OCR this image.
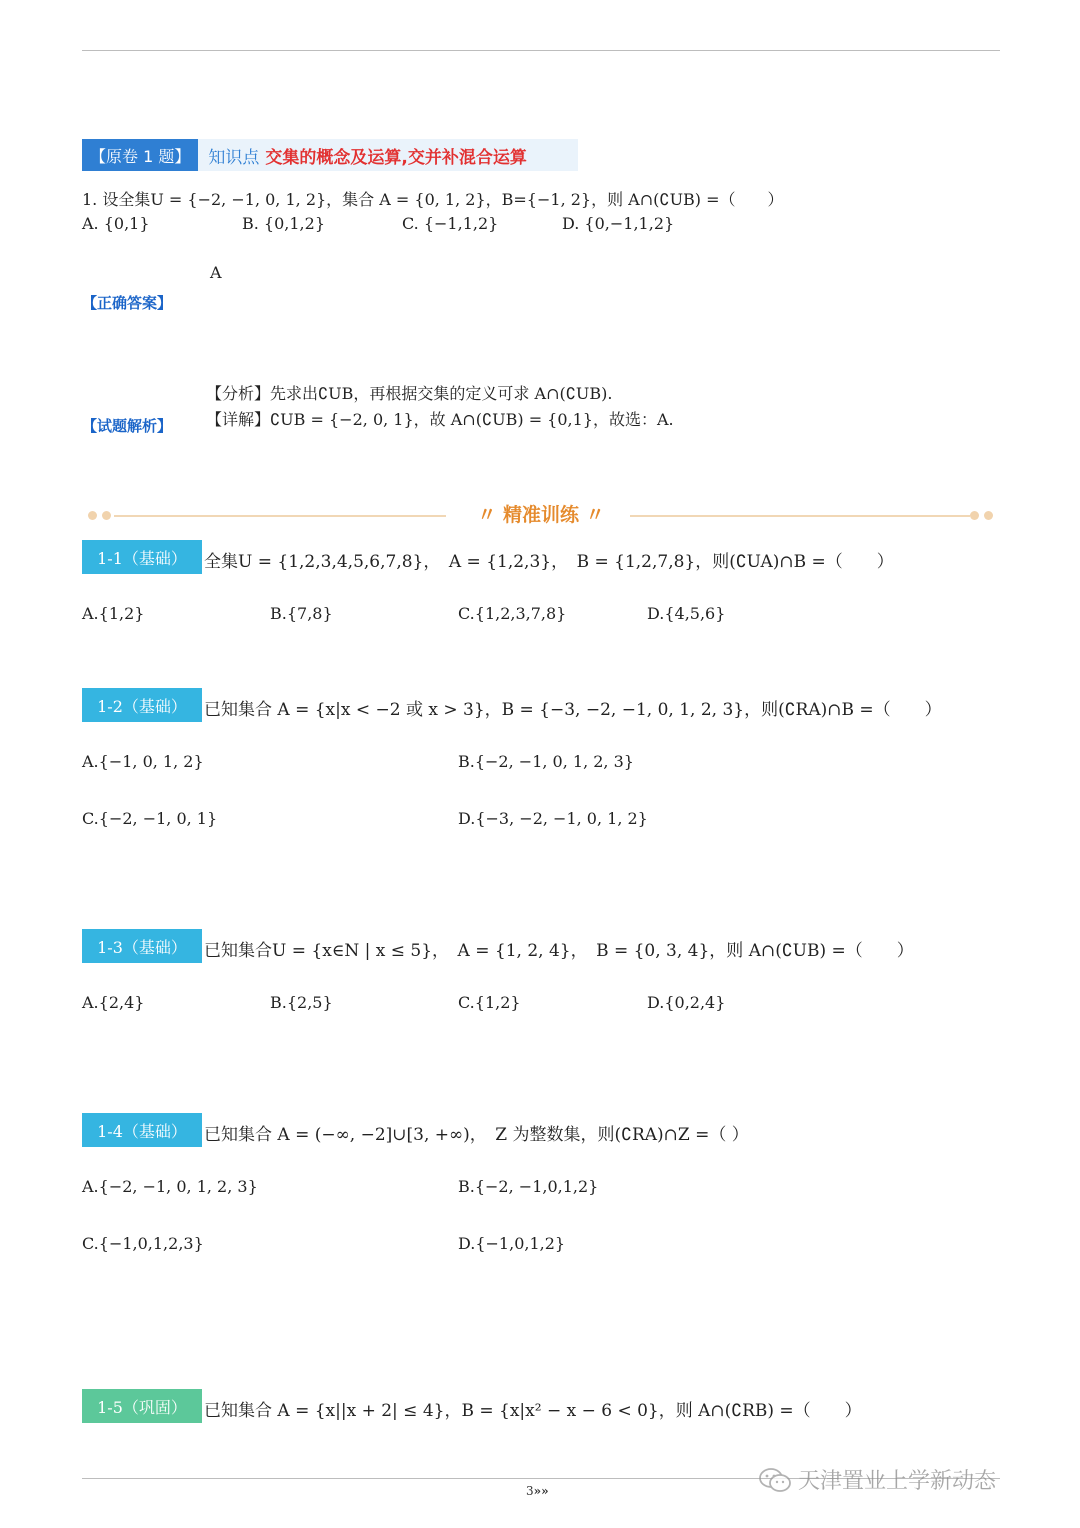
【原卷 1 题】	知识点 交集的概念及运算,交并补混合运算
1. 设全集U = {−2, −1, 0, 1, 2}，集合 A = {0, 1, 2}，B={−1, 2}，则 A∩(∁UB) =（　　）
A. {0,1}	B. {0,1,2}	C. {−1,1,2}	D. {0,−1,1,2}
A
【正确答案】
【分析】先求出∁UB，再根据交集的定义可求 A∩(∁UB).
【详解】∁UB = {−2, 0, 1}，故 A∩(∁UB) = {0,1}，故选：A.
【试题解析】
〃 精准训练 〃
1-1（基础）	全集U = {1,2,3,4,5,6,7,8}，　A = {1,2,3}，　B = {1,2,7,8}，则(∁UA)∩B =（　　）
A.{1,2}	B.{7,8}	C.{1,2,3,7,8}	D.{4,5,6}
1-2（基础）	已知集合 A = {x|x < −2 或 x > 3}，B = {−3, −2, −1, 0, 1, 2, 3}，则(∁RA)∩B =（　　）
A.{−1, 0, 1, 2}	B.{−2, −1, 0, 1, 2, 3}
C.{−2, −1, 0, 1}	D.{−3, −2, −1, 0, 1, 2}
1-3（基础）	已知集合U = {x∈N | x ≤ 5}，　A = {1, 2, 4}，　B = {0, 3, 4}，则 A∩(∁UB) =（　　）
A.{2,4}	B.{2,5}	C.{1,2}	D.{0,2,4}
1-4（基础）	已知集合 A = (−∞, −2]∪[3, +∞)，　Z 为整数集，则(∁RA)∩Z =（ ）
A.{−2, −1, 0, 1, 2, 3}	B.{−2, −1,0,1,2}
C.{−1,0,1,2,3}	D.{−1,0,1,2}
1-5（巩固）	已知集合 A = {x||x + 2| ≤ 4}，B = {x|x² − x − 6 < 0}，则 A∩(∁RB) =（　　）
3»»	天津置业上学新动态
